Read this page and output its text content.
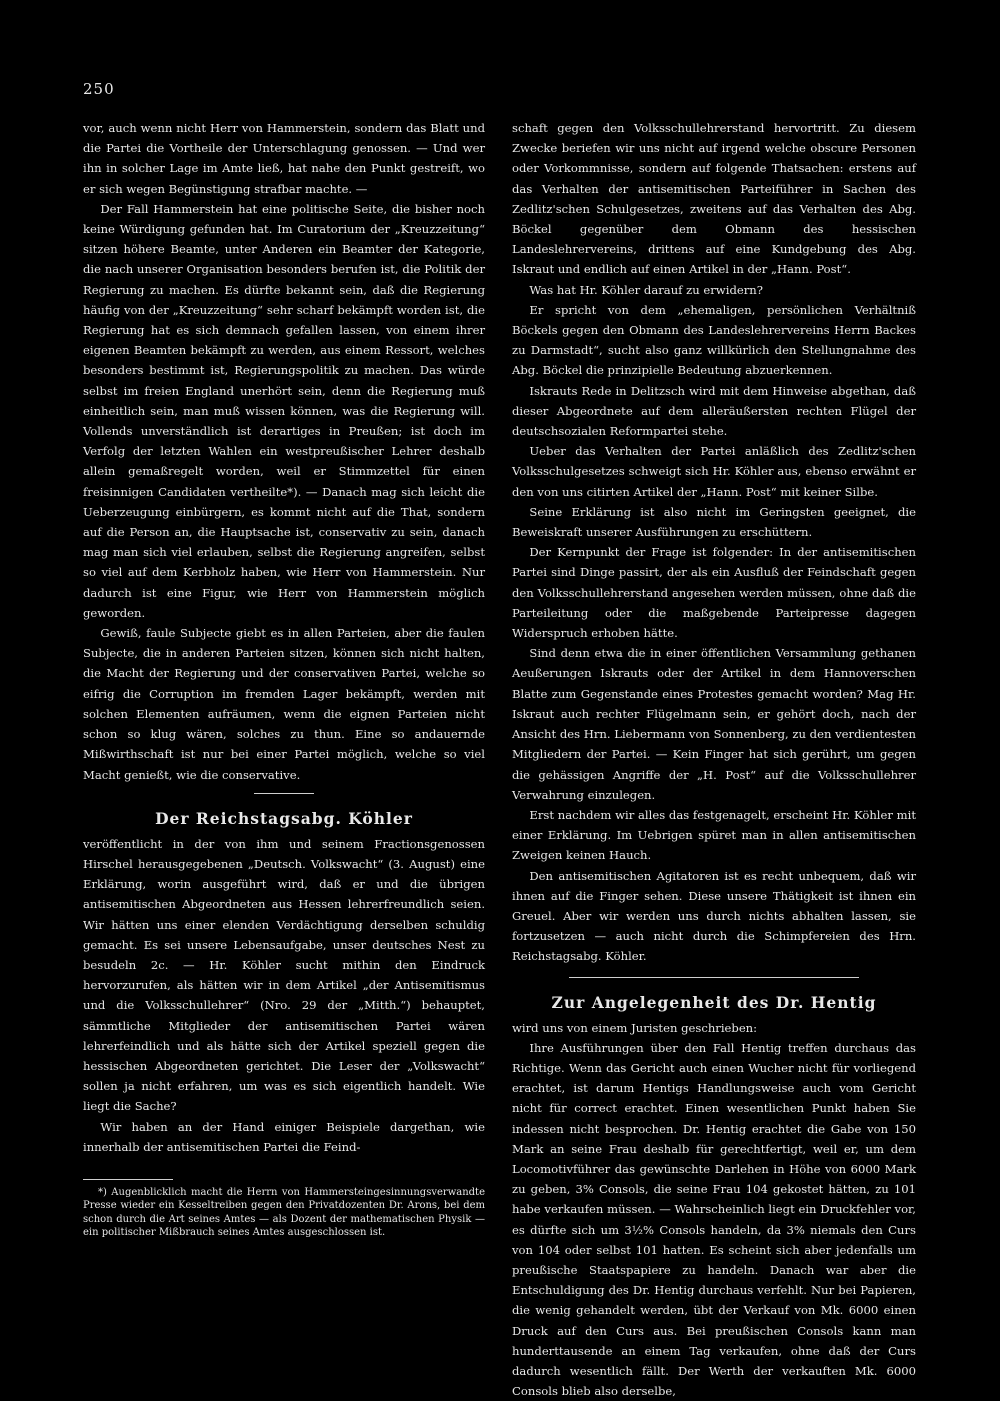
250

vor, auch wenn nicht Herr von Hammerstein, sondern das Blatt und die Partei die Vortheile der Unterschlagung genossen. — Und wer ihn in solcher Lage im Amte ließ, hat nahe den Punkt gestreift, wo er sich wegen Begünstigung strafbar machte. —

Der Fall Hammerstein hat eine politische Seite, die bisher noch keine Würdigung gefunden hat. Im Curatorium der „Kreuzzeitung“ sitzen höhere Beamte, unter Anderen ein Beamter der Kategorie, die nach unserer Organisation besonders berufen ist, die Politik der Regierung zu machen. Es dürfte bekannt sein, daß die Regierung häufig von der „Kreuzzeitung“ sehr scharf bekämpft worden ist, die Regierung hat es sich demnach gefallen lassen, von einem ihrer eigenen Beamten bekämpft zu werden, aus einem Ressort, welches besonders bestimmt ist, Regierungspolitik zu machen. Das würde selbst im freien England unerhört sein, denn die Regierung muß einheitlich sein, man muß wissen können, was die Regierung will. Vollends unverständlich ist derartiges in Preußen; ist doch im Verfolg der letzten Wahlen ein westpreußischer Lehrer deshalb allein gemaßregelt worden, weil er Stimmzettel für einen freisinnigen Candidaten vertheilte*). — Danach mag sich leicht die Ueberzeugung einbürgern, es kommt nicht auf die That, sondern auf die Person an, die Hauptsache ist, conservativ zu sein, danach mag man sich viel erlauben, selbst die Regierung angreifen, selbst so viel auf dem Kerbholz haben, wie Herr von Hammerstein. Nur dadurch ist eine Figur, wie Herr von Hammerstein möglich geworden.

Gewiß, faule Subjecte giebt es in allen Parteien, aber die faulen Subjecte, die in anderen Parteien sitzen, können sich nicht halten, die Macht der Regierung und der conservativen Partei, welche so eifrig die Corruption im fremden Lager bekämpft, werden mit solchen Elementen aufräumen, wenn die eignen Parteien nicht schon so klug wären, solches zu thun. Eine so andauernde Mißwirthschaft ist nur bei einer Partei möglich, welche so viel Macht genießt, wie die conservative.

Der Reichstagsabg. Köhler

veröffentlicht in der von ihm und seinem Fractionsgenossen Hirschel herausgegebenen „Deutsch. Volkswacht“ (3. August) eine Erklärung, worin ausgeführt wird, daß er und die übrigen antisemitischen Abgeordneten aus Hessen lehrerfreundlich seien. Wir hätten uns einer elenden Verdächtigung derselben schuldig gemacht. Es sei unsere Lebensaufgabe, unser deutsches Nest zu besudeln 2c. — Hr. Köhler sucht mithin den Eindruck hervorzurufen, als hätten wir in dem Artikel „der Antisemitismus und die Volksschullehrer“ (Nro. 29 der „Mitth.“) behauptet, sämmtliche Mitglieder der antisemitischen Partei wären lehrerfeindlich und als hätte sich der Artikel speziell gegen die hessischen Abgeordneten gerichtet. Die Leser der „Volkswacht“ sollen ja nicht erfahren, um was es sich eigentlich handelt. Wie liegt die Sache?

Wir haben an der Hand einiger Beispiele dargethan, wie innerhalb der antisemitischen Partei die Feind-

*) Augenblicklich macht die Herrn von Hammersteingesinnungsverwandte Presse wieder ein Kesseltreiben gegen den Privatdozenten Dr. Arons, bei dem schon durch die Art seines Amtes — als Dozent der mathematischen Physik — ein politischer Mißbrauch seines Amtes ausgeschlossen ist.

schaft gegen den Volksschullehrerstand hervortritt. Zu diesem Zwecke beriefen wir uns nicht auf irgend welche obscure Personen oder Vorkommnisse, sondern auf folgende Thatsachen: erstens auf das Verhalten der antisemitischen Parteiführer in Sachen des Zedlitz'schen Schulgesetzes, zweitens auf das Verhalten des Abg. Böckel gegenüber dem Obmann des hessischen Landeslehrervereins, drittens auf eine Kundgebung des Abg. Iskraut und endlich auf einen Artikel in der „Hann. Post“.

Was hat Hr. Köhler darauf zu erwidern?

Er spricht von dem „ehemaligen, persönlichen Verhältniß Böckels gegen den Obmann des Landeslehrervereins Herrn Backes zu Darmstadt“, sucht also ganz willkürlich den Stellungnahme des Abg. Böckel die prinzipielle Bedeutung abzuerkennen.

Iskrauts Rede in Delitzsch wird mit dem Hinweise abgethan, daß dieser Abgeordnete auf dem alleräußersten rechten Flügel der deutschsozialen Reformpartei stehe.

Ueber das Verhalten der Partei anläßlich des Zedlitz'schen Volksschulgesetzes schweigt sich Hr. Köhler aus, ebenso erwähnt er den von uns citirten Artikel der „Hann. Post“ mit keiner Silbe.

Seine Erklärung ist also nicht im Geringsten geeignet, die Beweiskraft unserer Ausführungen zu erschüttern.

Der Kernpunkt der Frage ist folgender: In der antisemitischen Partei sind Dinge passirt, der als ein Ausfluß der Feindschaft gegen den Volksschullehrerstand angesehen werden müssen, ohne daß die Parteileitung oder die maßgebende Parteipresse dagegen Widerspruch erhoben hätte.

Sind denn etwa die in einer öffentlichen Versammlung gethanen Aeußerungen Iskrauts oder der Artikel in dem Hannoverschen Blatte zum Gegenstande eines Protestes gemacht worden? Mag Hr. Iskraut auch rechter Flügelmann sein, er gehört doch, nach der Ansicht des Hrn. Liebermann von Sonnenberg, zu den verdientesten Mitgliedern der Partei. — Kein Finger hat sich gerührt, um gegen die gehässigen Angriffe der „H. Post“ auf die Volksschullehrer Verwahrung einzulegen.

Erst nachdem wir alles das festgenagelt, erscheint Hr. Köhler mit einer Erklärung. Im Uebrigen spüret man in allen antisemitischen Zweigen keinen Hauch.

Den antisemitischen Agitatoren ist es recht unbequem, daß wir ihnen auf die Finger sehen. Diese unsere Thätigkeit ist ihnen ein Greuel. Aber wir werden uns durch nichts abhalten lassen, sie fortzusetzen — auch nicht durch die Schimpfereien des Hrn. Reichstagsabg. Köhler.

Zur Angelegenheit des Dr. Hentig

wird uns von einem Juristen geschrieben:

Ihre Ausführungen über den Fall Hentig treffen durchaus das Richtige. Wenn das Gericht auch einen Wucher nicht für vorliegend erachtet, ist darum Hentigs Handlungsweise auch vom Gericht nicht für correct erachtet. Einen wesentlichen Punkt haben Sie indessen nicht besprochen. Dr. Hentig erachtet die Gabe von 150 Mark an seine Frau deshalb für gerechtfertigt, weil er, um dem Locomotivführer das gewünschte Darlehen in Höhe von 6000 Mark zu geben, 3% Consols, die seine Frau 104 gekostet hätten, zu 101 habe verkaufen müssen. — Wahrscheinlich liegt ein Druckfehler vor, es dürfte sich um 3½% Consols handeln, da 3% niemals den Curs von 104 oder selbst 101 hatten. Es scheint sich aber jedenfalls um preußische Staatspapiere zu handeln. Danach war aber die Entschuldigung des Dr. Hentig durchaus verfehlt. Nur bei Papieren, die wenig gehandelt werden, übt der Verkauf von Mk. 6000 einen Druck auf den Curs aus. Bei preußischen Consols kann man hunderttausende an einem Tag verkaufen, ohne daß der Curs dadurch wesentlich fällt. Der Werth der verkauften Mk. 6000 Consols blieb also derselbe,
